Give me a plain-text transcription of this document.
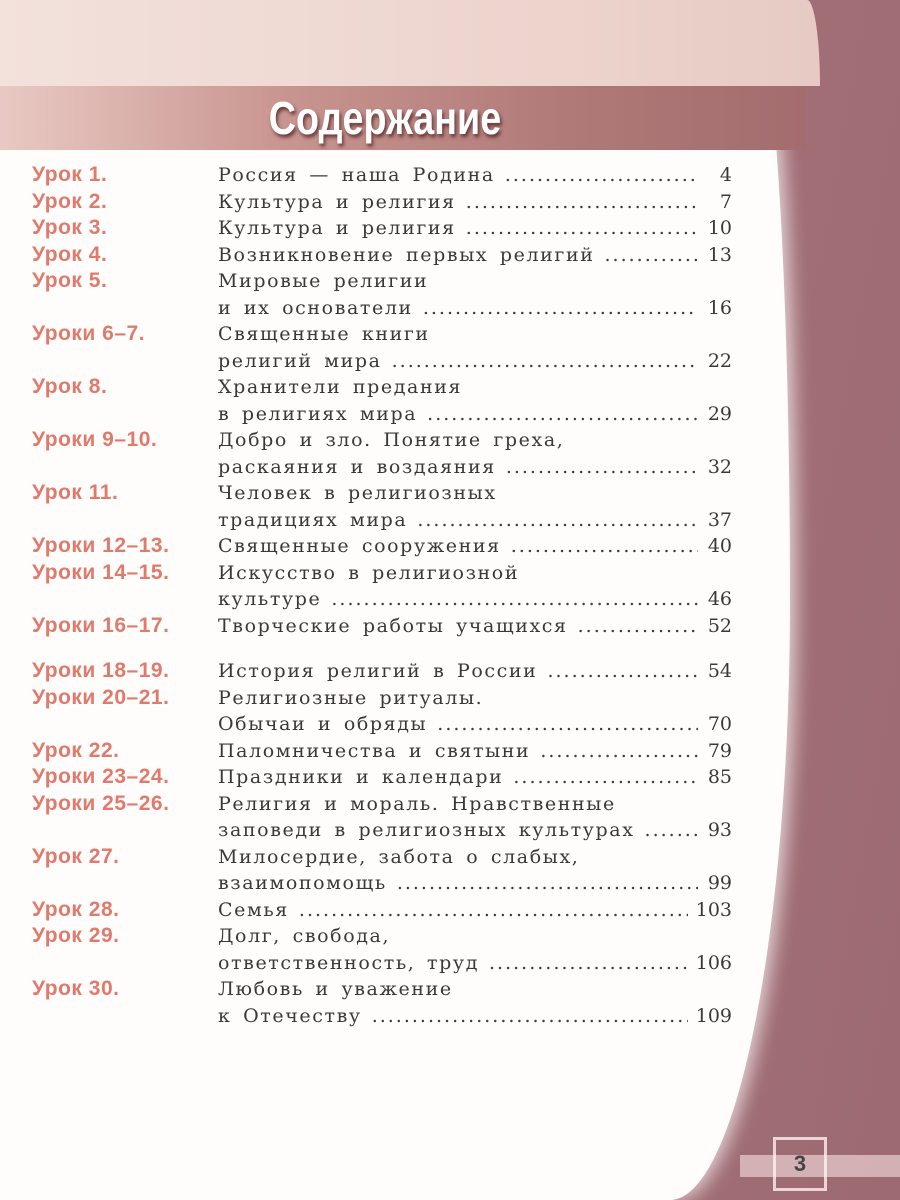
Содержание
Урок 1.	Россия — наша Родина .....	4
Урок 2.	Культура и религия .....	7
Урок 3.	Культура и религия .....	10
Урок 4.	Возникновение первых религий .....	13
Урок 5.	Мировые религии
и их основатели .....	16
Уроки 6–7.	Священные книги
религий мира .....	22
Урок 8.	Хранители предания
в религиях мира .....	29
Уроки 9–10.	Добро и зло. Понятие греха,
раскаяния и воздаяния .....	32
Урок 11.	Человек в религиозных
традициях мира .....	37
Уроки 12–13.	Священные сооружения .....	40
Уроки 14–15.	Искусство в религиозной
культуре .....	46
Уроки 16–17.	Творческие работы учащихся .....	52
Уроки 18–19.	История религий в России .....	54
Уроки 20–21.	Религиозные ритуалы.
Обычаи и обряды .....	70
Урок 22.	Паломничества и святыни .....	79
Уроки 23–24.	Праздники и календари .....	85
Уроки 25–26.	Религия и мораль. Нравственные
заповеди в религиозных культурах .....	93
Урок 27.	Милосердие, забота о слабых,
взаимопомощь .....	99
Урок 28.	Семья .....	103
Урок 29.	Долг, свобода,
ответственность, труд .....	106
Урок 30.	Любовь и уважение
к Отечеству .....	109
3
